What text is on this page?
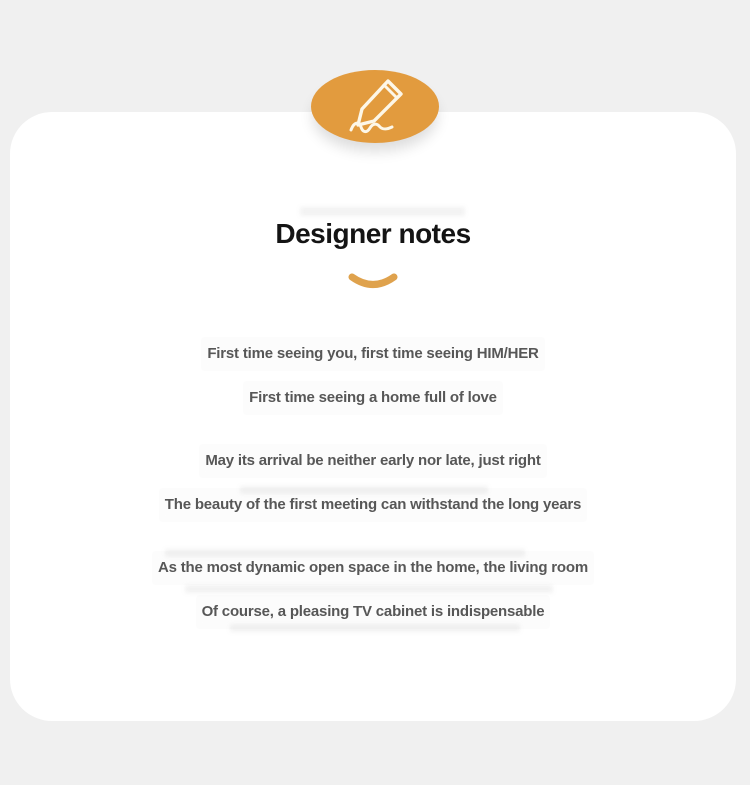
Designer notes

First time seeing you, first time seeing HIM/HER

First time seeing a home full of love

May its arrival be neither early nor late, just right

The beauty of the first meeting can withstand the long years

As the most dynamic open space in the home, the living room

Of course, a pleasing TV cabinet is indispensable
